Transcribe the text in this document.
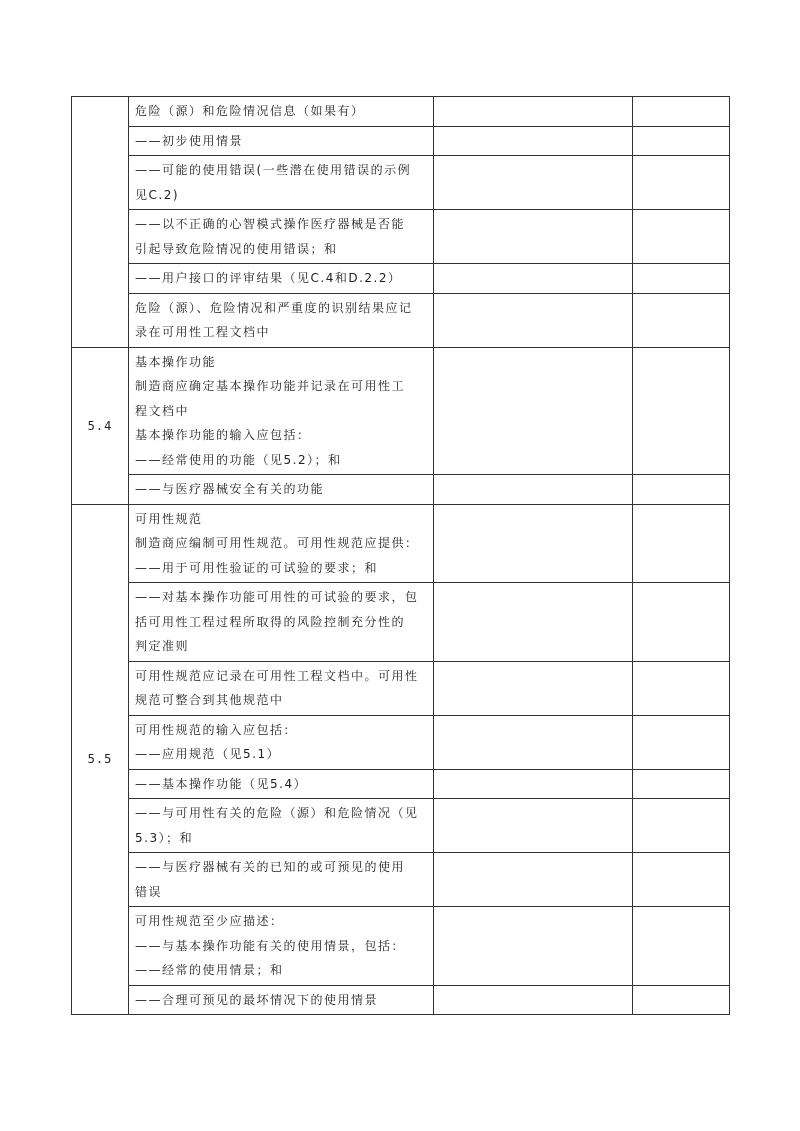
	危险（源）和危险情况信息（如果有）		

	——初步使用情景		

	——可能的使用错误(一些潜在使用错误的示例
见C.2)		

	——以不正确的心智模式操作医疗器械是否能
引起导致危险情况的使用错误；和		

	——用户接口的评审结果（见C.4和D.2.2）		

	危险（源）、危险情况和严重度的识别结果应记
录在可用性工程文档中		

5.4	基本操作功能
制造商应确定基本操作功能并记录在可用性工
程文档中
基本操作功能的输入应包括：
——经常使用的功能（见5.2）；和		

	——与医疗器械安全有关的功能		

5.5	可用性规范
制造商应编制可用性规范。可用性规范应提供：
——用于可用性验证的可试验的要求；和		

	——对基本操作功能可用性的可试验的要求，包
括可用性工程过程所取得的风险控制充分性的
判定准则		

	可用性规范应记录在可用性工程文档中。可用性
规范可整合到其他规范中		

	可用性规范的输入应包括：
——应用规范（见5.1）		

	——基本操作功能（见5.4）		

	——与可用性有关的危险（源）和危险情况（见
5.3）；和		

	——与医疗器械有关的已知的或可预见的使用
错误		

	可用性规范至少应描述：
——与基本操作功能有关的使用情景，包括：
——经常的使用情景；和		

	——合理可预见的最坏情况下的使用情景		
